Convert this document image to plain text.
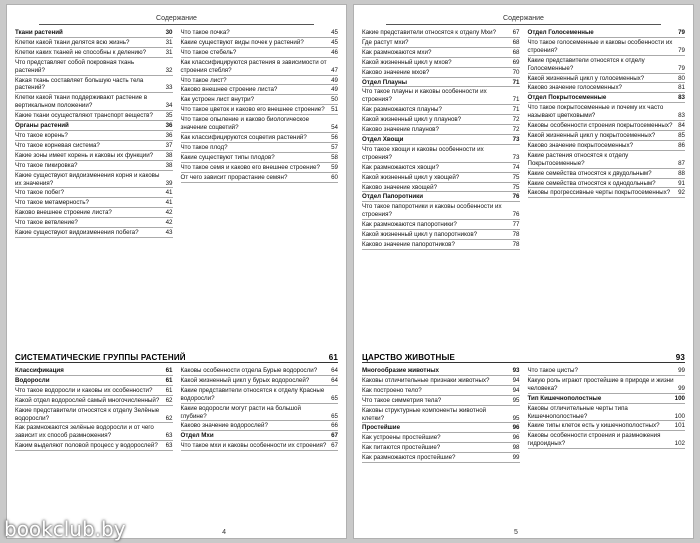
Содержание
Ткани растений	30
Клетки какой ткани делятся всю жизнь?	31
Клетки каких тканей не способны к делению?	31
Что представляет собой покровная ткань растений?	32
Какая ткань составляет большую часть тела растений?	33
Клетки какой ткани поддерживают растение в вертикальном положении?	34
Какие ткани осуществляют транспорт веществ? 35
Органы растений	36
Что такое корень?	36
Что такое корневая система?	37
Какие зоны имеет корень и каковы их функции? 38
Что такое пикировка?	38
Какие существуют видоизменения корня и каковы их значения?	39
Что такое побег?	41
Что такое метамерность?	41
Каково внешнее строение листа?	42
Что такое ветвление?	42
Какие существуют видоизменения побега?	43
Что такое почка?	45
Какие существуют виды почек у растений?	45
Что такое стебель?	46
Как классифицируются растения в зависимости от строения стебля?	47
Что такое лист?	49
Каково внешнее строение листа?	49
Как устроен лист внутри?	50
Что такое цветок и каково его внешнее строение? 51
Что такое опыление и каково биологическое значение соцветий?	54
Как классифицируются соцветия растений?	56
Что такое плод?	57
Какие существуют типы плодов?	58
Что такое семя и каково его внешнее строение? 59
От чего зависит прорастание семян?	60
СИСТЕМАТИЧЕСКИЕ ГРУППЫ РАСТЕНИЙ	61
Классификация	61
Водоросли	61
Что такое водоросли и каковы их особенности? 61
Какой отдел водорослей самый многочисленный? 62
Какие представители относятся к отделу Зелёные водоросли?	62
Как размножаются зелёные водоросли и от чего зависит их способ размножения?	63
Каким выделяют половой процесс у водорослей? 63
Каковы особенности отдела Бурые водоросли? 64
Какой жизненный цикл у бурых водорослей?	64
Какие представители относятся к отделу Красные водоросли?	65
Какие водоросли могут расти на большой глубине?	65
Каково значение водорослей?	66
Отдел Мхи	67
Что такое мхи и каковы особенности их строения? 67
4
Содержание
Какие представители относятся к отделу Мхи?	67
Где растут мхи?	68
Как размножаются мхи?	68
Какой жизненный цикл у мхов?	69
Каково значение мхов?	70
Отдел Плауны	71
Что такое плауны и каковы особенности их строения?	71
Как размножаются плауны?	71
Какой жизненный цикл у плаунов?	72
Каково значение плаунов?	72
Отдел Хвощи	73
Что такое хвощи и каковы особенности их строения?	73
Как размножаются хвощи?	74
Какой жизненный цикл у хвощей?	75
Каково значение хвощей?	75
Отдел Папоротники	76
Что такое папоротники и каковы особенности их строения?	76
Как размножаются папоротники?	77
Какой жизненный цикл у папоротников?	78
Каково значение папоротников?	78
Отдел Голосеменные	79
Что такое голосеменные и каковы особенности их строения?	79
Какие представители относятся к отделу Голосеменные?	79
Какой жизненный цикл у голосеменных?	80
Каково значение голосеменных?	81
Отдел Покрытосеменные	83
Что такое покрытосеменные и почему их часто называют цветковыми?	83
Каковы особенности строения покрытосеменных? 84
Какой жизненный цикл у покрытосеменных?	85
Каково значение покрытосеменных?	86
Какие растения относятся к отделу Покрытосеменные?	87
Какие семейства относятся к двудольным?	88
Какие семейства относятся к однодольным?	91
Каковы прогрессивные черты покрытосеменных? 92
ЦАРСТВО ЖИВОТНЫЕ	93
Многообразие животных	93
Каковы отличительные признаки животных?	94
Как построено тело?	94
Что такое симметрия тела?	95
Каковы структурные компоненты животной клетки?	95
Простейшие	96
Как устроены простейшие?	96
Как питаются простейшие?	98
Как размножаются простейшие?	99
Что такое цисты?	99
Какую роль играют простейшие в природе и жизни человека?	99
Тип Кишечнополостные	100
Каковы отличительные черты типа Кишечнополостные?	100
Какие типы клеток есть у кишечнополостных? 101
Каковы особенности строения и размножения гидроидных?	102
5
bookclub.by
